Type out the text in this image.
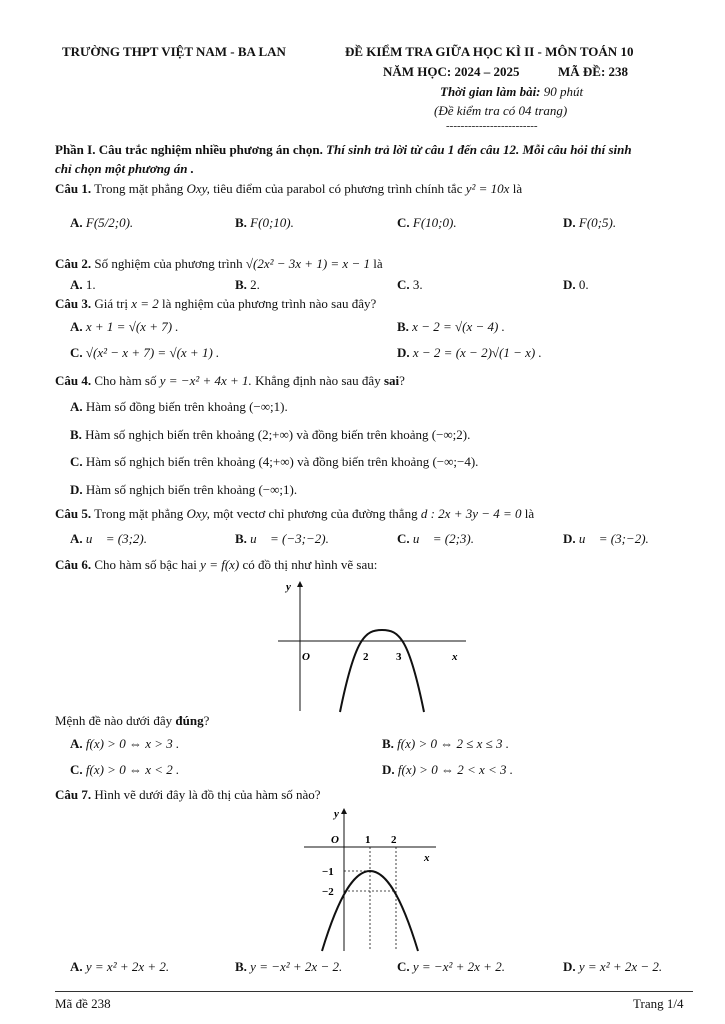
TRƯỜNG THPT VIỆT NAM - BA LAN	ĐỀ KIỂM TRA GIỮA HỌC KÌ II - MÔN TOÁN 10
NĂM HỌC: 2024 – 2025	MÃ ĐỀ: 238
Thời gian làm bài: 90 phút
(Đề kiểm tra có 04 trang)
-------------------------
Phần I. Câu trắc nghiệm nhiều phương án chọn. Thí sinh trả lời từ câu 1 đến câu 12. Mỗi câu hỏi thí sinh
chỉ chọn một phương án .
Câu 1. Trong mặt phẳng Oxy, tiêu điểm của parabol có phương trình chính tắc y² = 10x là
A. F(5/2;0).	B. F(0;10).	C. F(10;0).	D. F(0;5).
Câu 2. Số nghiệm của phương trình √(2x² − 3x + 1) = x − 1 là
A. 1.	B. 2.	C. 3.	D. 0.
Câu 3. Giá trị x = 2 là nghiệm của phương trình nào sau đây?
A. x + 1 = √(x + 7) .	B. x − 2 = √(x − 4) .
C. √(x² − x + 7) = √(x + 1) .	D. x − 2 = (x − 2)√(1 − x) .
Câu 4. Cho hàm số y = −x² + 4x + 1. Khẳng định nào sau đây sai?
A. Hàm số đồng biến trên khoảng (−∞;1).
B. Hàm số nghịch biến trên khoảng (2;+∞) và đồng biến trên khoảng (−∞;2).
C. Hàm số nghịch biến trên khoảng (4;+∞) và đồng biến trên khoảng (−∞;−4).
D. Hàm số nghịch biến trên khoảng (−∞;1).
Câu 5. Trong mặt phẳng Oxy, một vectơ chỉ phương của đường thẳng d : 2x + 3y − 4 = 0 là
A. u⃗ = (3;2).	B. u⃗ = (−3;−2).	C. u⃗ = (2;3).	D. u⃗ = (3;−2).
Câu 6. Cho hàm số bậc hai y = f(x) có đồ thị như hình vẽ sau:
y
x
O	2	3
Mệnh đề nào dưới đây đúng?
A. f(x) > 0 ⇔ x > 3 .	B. f(x) > 0 ⇔ 2 ≤ x ≤ 3 .
C. f(x) > 0 ⇔ x < 2 .	D. f(x) > 0 ⇔ 2 < x < 3 .
Câu 7. Hình vẽ dưới đây là đồ thị của hàm số nào?
y
x
O 1 2
−1
−2
A. y = x² + 2x + 2.	B. y = −x² + 2x − 2.	C. y = −x² + 2x + 2.	D. y = x² + 2x − 2.
Mã đề 238	Trang 1/4
